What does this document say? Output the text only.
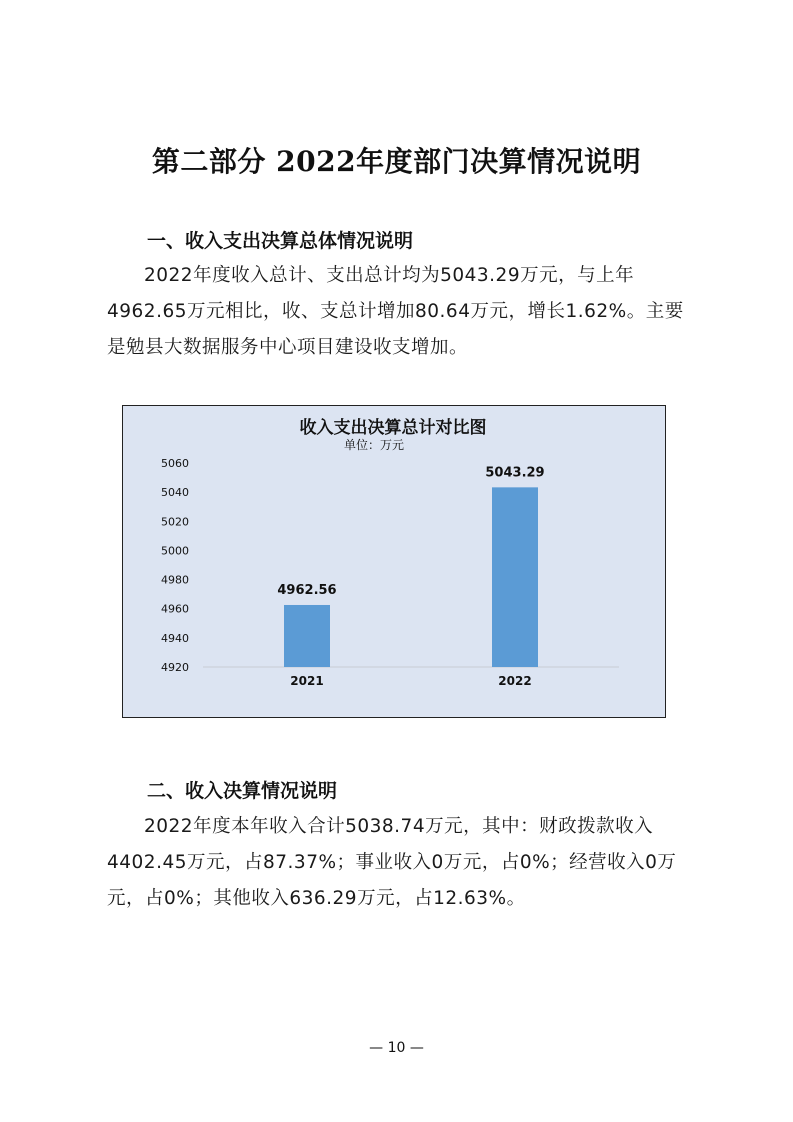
第二部分 2022年度部门决算情况说明
一、收入支出决算总体情况说明
2022年度收入总计、支出总计均为5043.29万元，与上年4962.65万元相比，收、支总计增加80.64万元，增长1.62%。主要是勉县大数据服务中心项目建设收支增加。
收入支出决算总计对比图
单位：万元
4920
4940
4960
4980
5000
5020
5040
5060
4962.56
2021
5043.29
2022
二、收入决算情况说明
2022年度本年收入合计5038.74万元，其中：财政拨款收入4402.45万元，占87.37%；事业收入0万元，占0%；经营收入0万元，占0%；其他收入636.29万元，占12.63%。
— 10 —
